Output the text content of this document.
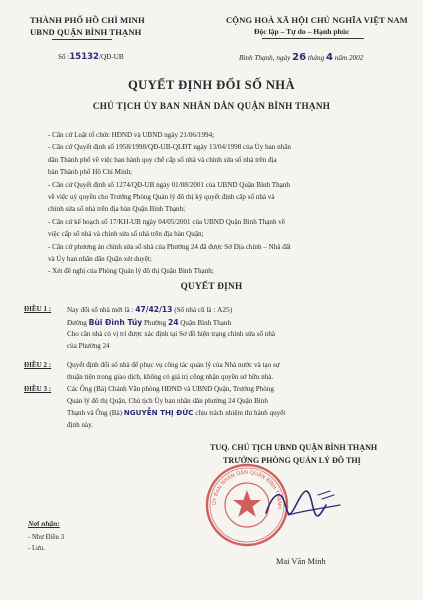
THÀNH PHỐ HỒ CHÍ MINH
UBND QUẬN BÌNH THẠNH
CỘNG HOÀ XÃ HỘI CHỦ NGHĨA VIỆT NAM
Độc lập – Tự do – Hạnh phúc
Số :15132/QĐ-UB	Bình Thạnh, ngày 26 tháng 4 năm 2002
QUYẾT ĐỊNH ĐỔI SỐ NHÀ
CHỦ TỊCH ỦY BAN NHÂN DÂN QUẬN BÌNH THẠNH
- Căn cứ Luật tổ chức HĐND và UBND ngày 21/06/1994;
- Căn cứ Quyết định số 1958/1998/QĐ-UB-QLĐT ngày 13/04/1998 của Ủy ban nhân
dân Thành phố về việc ban hành quy chế cấp số nhà và chỉnh sửa số nhà trên địa
bàn Thành phố Hồ Chí Minh;
- Căn cứ Quyết định số 1274/QĐ-UB ngày 01/08/2001 của UBND Quận Bình Thạnh
về việc uỷ quyền cho Trưởng Phòng Quản lý đô thị ký quyết định cấp số nhà và
chỉnh sửa số nhà trên địa bàn Quận Bình Thạnh;
- Căn cứ kế hoạch số 17/KH-UB ngày 04/05/2001 của UBND Quận Bình Thạnh về
việc cấp số nhà và chỉnh sửa số nhà trên địa bàn Quận;
- Căn cứ phương án chỉnh sửa số nhà của Phường 24 đã được Sở Địa chính – Nhà đất
và Ủy ban nhân dân Quận xét duyệt;
- Xét đề nghị của Phòng Quản lý đô thị Quận Bình Thạnh;
QUYẾT ĐỊNH
ĐIỀU 1 : Nay đổi số nhà mới là : 47/42/13 (Số nhà cũ là : A25)
Đường Bùi Đình Túy Phường 24 Quận Bình Thạnh
Cho căn nhà có vị trí được xác định tại Sơ đồ hiện trạng chỉnh sửa số nhà
của Phường 24
ĐIỀU 2 : Quyết định đổi số nhà để phục vụ công tác quản lý của Nhà nước và tạo sự
thuận tiện trong giao dịch, không có giá trị công nhận quyền sở hữu nhà.
ĐIỀU 3 : Các Ông (Bà) Chánh Văn phòng HĐND và UBND Quận, Trưởng Phòng
Quản lý đô thị Quận, Chủ tịch Ủy ban nhân dân phường 24 Quận Bình
Thạnh và Ông (Bà) NGUYỄN THỊ ĐỨC chịu trách nhiệm thi hành quyết
định này.
TUQ. CHỦ TỊCH UBND QUẬN BÌNH THẠNH
TRƯỞNG PHÒNG QUẢN LÝ ĐÔ THỊ
ỦY BAN NHÂN DÂN QUẬN BÌNH THẠNH
Mai Văn Minh
Nơi nhận:
- Như Điều 3
- Lưu.
